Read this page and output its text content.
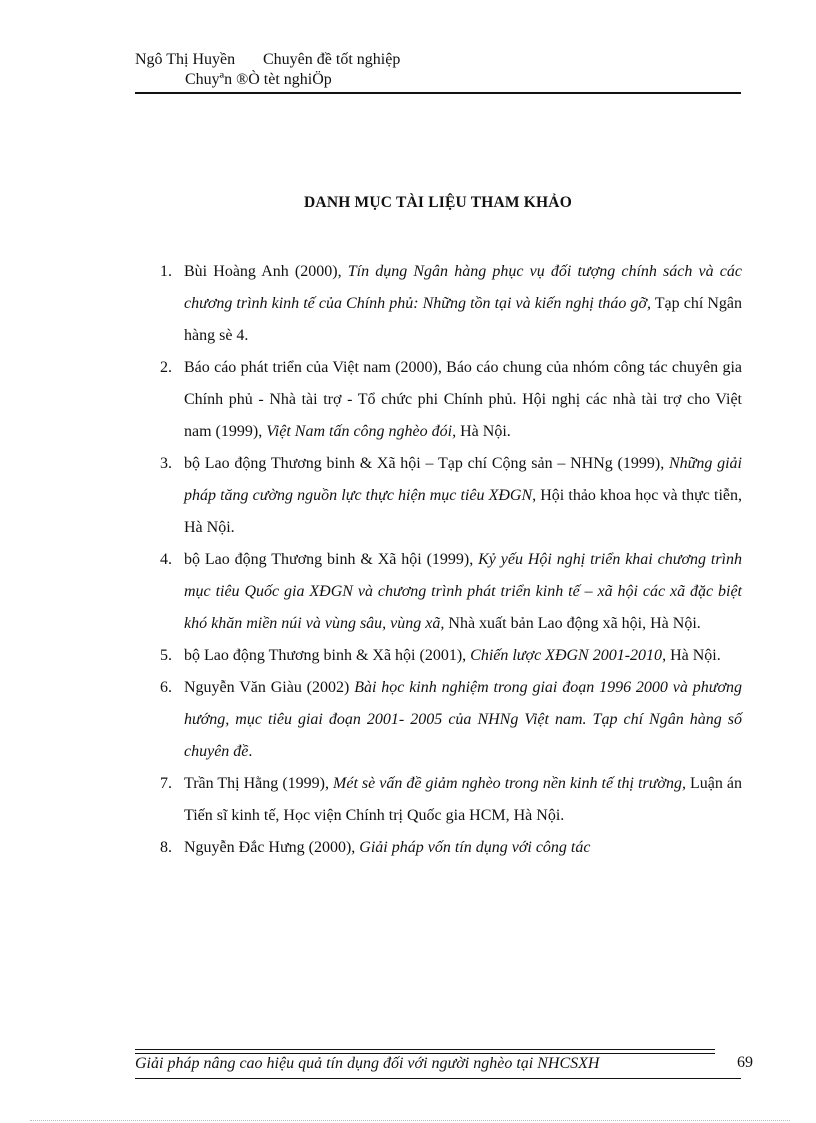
Ngô Thị Huyền Chuyên đề tốt nghiệp
Chuyªn ®Ò tèt nghiÖp
DANH MỤC TÀI LIỆU THAM KHẢO
1. Bùi Hoàng Anh (2000), Tín dụng Ngân hàng phục vụ đối tượng chính sách và các chương trình kinh tế của Chính phủ: Những tồn tại và kiến nghị tháo gỡ, Tạp chí Ngân hàng sè 4.
2. Báo cáo phát triển của Việt nam (2000), Báo cáo chung của nhóm công tác chuyên gia Chính phủ - Nhà tài trợ - Tổ chức phi Chính phủ. Hội nghị các nhà tài trợ cho Việt nam (1999), Việt Nam tấn công nghèo đói, Hà Nội.
3. bộ Lao động Thương binh & Xã hội – Tạp chí Cộng sản – NHNg (1999), Những giải pháp tăng cường nguồn lực thực hiện mục tiêu XĐGN, Hội thảo khoa học và thực tiễn, Hà Nội.
4. bộ Lao động Thương binh & Xã hội (1999), Kỷ yếu Hội nghị triển khai chương trình mục tiêu Quốc gia XĐGN và chương trình phát triển kinh tế – xã hội các xã đặc biệt khó khăn miền núi và vùng sâu, vùng xã, Nhà xuất bản Lao động xã hội, Hà Nội.
5. bộ Lao động Thương binh & Xã hội (2001), Chiến lược XĐGN 2001-2010, Hà Nội.
6. Nguyễn Văn Giàu (2002) Bài học kinh nghiệm trong giai đoạn 1996 2000 và phương hướng, mục tiêu giai đoạn 2001- 2005 của NHNg Việt nam. Tạp chí Ngân hàng số chuyên đề.
7. Trần Thị Hằng (1999), Mét sè vấn đề giảm nghèo trong nền kinh tế thị trường, Luận án Tiến sĩ kinh tế, Học viện Chính trị Quốc gia HCM, Hà Nội.
8. Nguyễn Đắc Hưng (2000), Giải pháp vốn tín dụng với công tác
Giải pháp nâng cao hiệu quả tín dụng đối với người nghèo tại NHCSXH	69
